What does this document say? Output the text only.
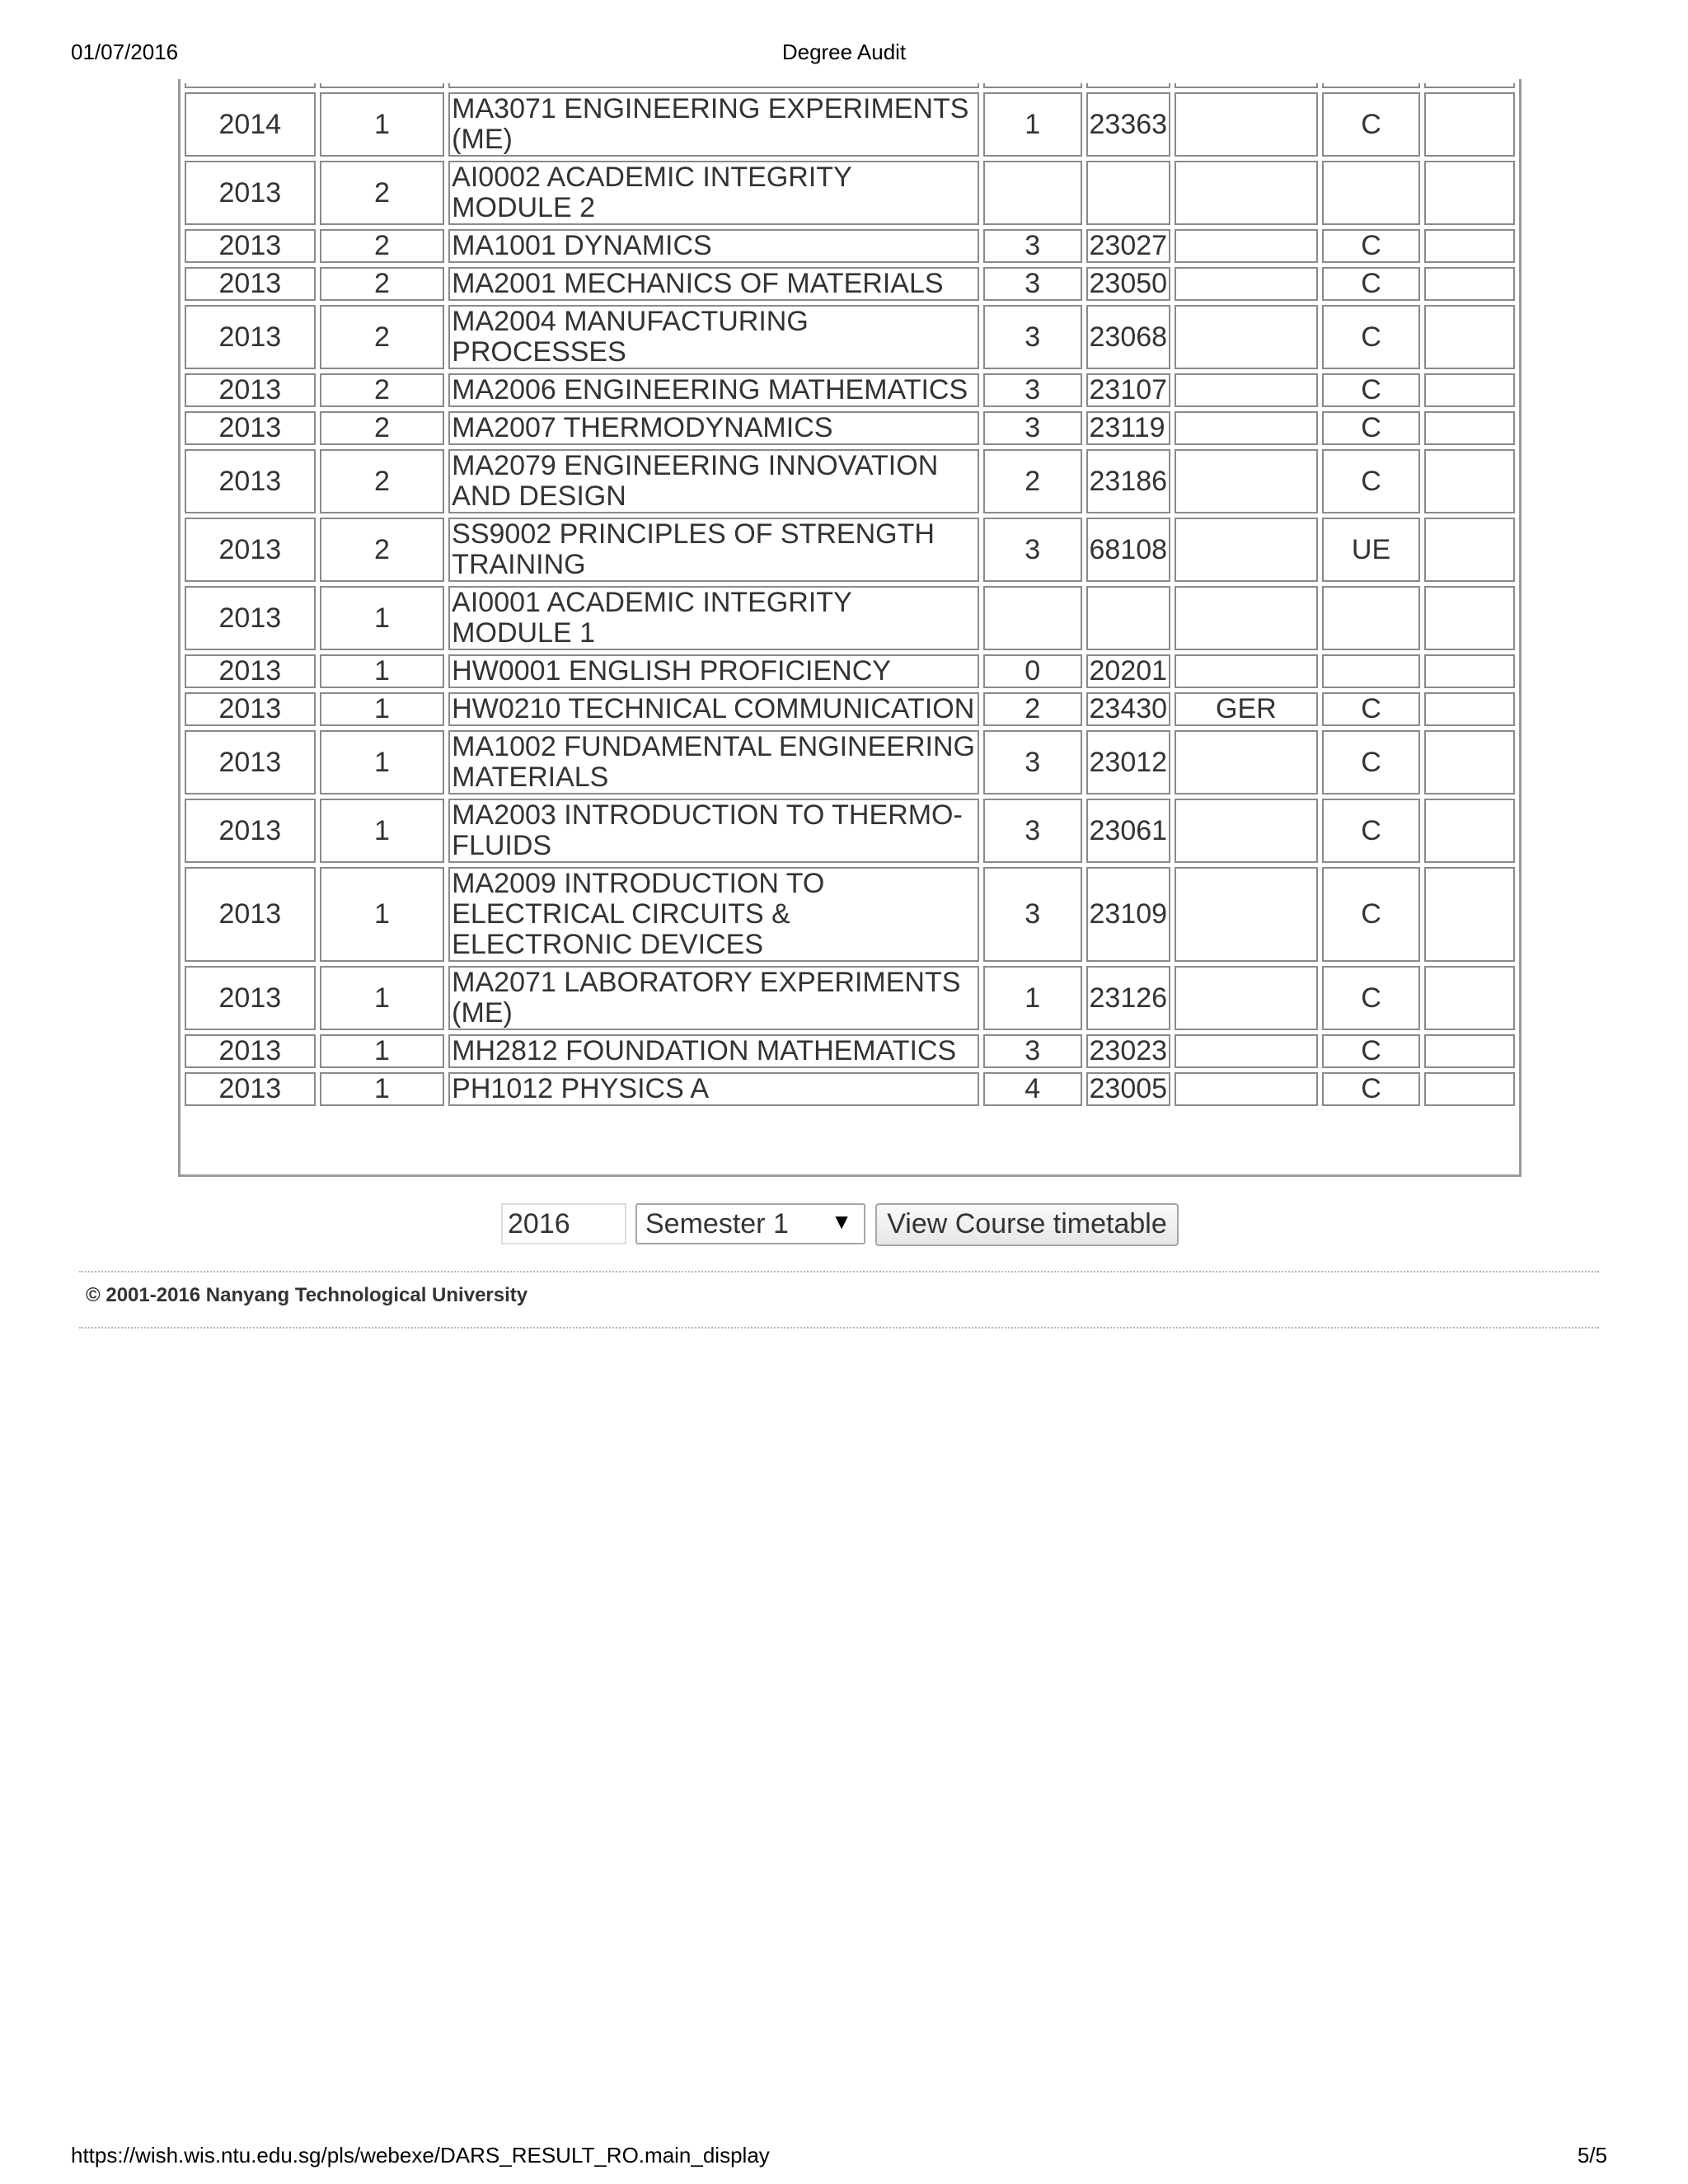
01/07/2016	Degree Audit

2014	1	MA3071 ENGINEERING EXPERIMENTS (ME)	1	23363		C	
2013	2	AI0002 ACADEMIC INTEGRITY MODULE 2					
2013	2	MA1001 DYNAMICS	3	23027		C	
2013	2	MA2001 MECHANICS OF MATERIALS	3	23050		C	
2013	2	MA2004 MANUFACTURING PROCESSES	3	23068		C	
2013	2	MA2006 ENGINEERING MATHEMATICS	3	23107		C	
2013	2	MA2007 THERMODYNAMICS	3	23119		C	
2013	2	MA2079 ENGINEERING INNOVATION AND DESIGN	2	23186		C	
2013	2	SS9002 PRINCIPLES OF STRENGTH TRAINING	3	68108		UE	
2013	1	AI0001 ACADEMIC INTEGRITY MODULE 1					
2013	1	HW0001 ENGLISH PROFICIENCY	0	20201			
2013	1	HW0210 TECHNICAL COMMUNICATION	2	23430	GER	C	
2013	1	MA1002 FUNDAMENTAL ENGINEERING MATERIALS	3	23012		C	
2013	1	MA2003 INTRODUCTION TO THERMO-FLUIDS	3	23061		C	
2013	1	MA2009 INTRODUCTION TO ELECTRICAL CIRCUITS & ELECTRONIC DEVICES	3	23109		C	
2013	1	MA2071 LABORATORY EXPERIMENTS (ME)	1	23126		C	
2013	1	MH2812 FOUNDATION MATHEMATICS	3	23023		C	
2013	1	PH1012 PHYSICS A	4	23005		C	
2016
Semester 1 ▼	View Course timetable
© 2001-2016 Nanyang Technological University
https://wish.wis.ntu.edu.sg/pls/webexe/DARS_RESULT_RO.main_display	5/5
